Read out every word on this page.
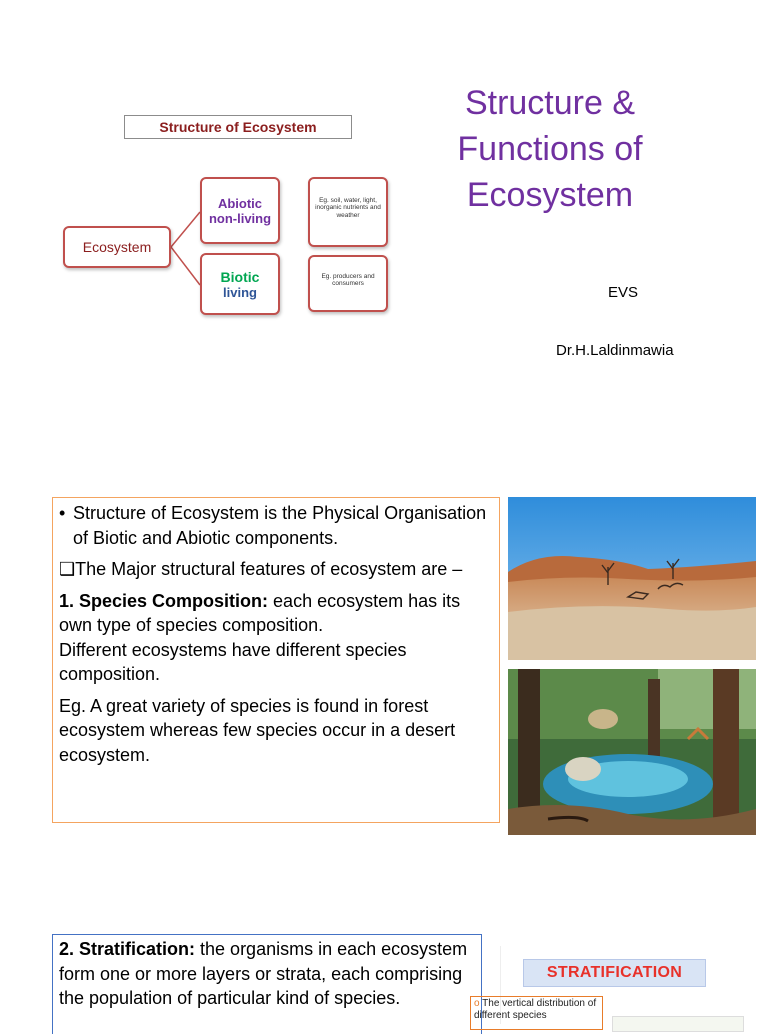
Structure of Ecosystem
Ecosystem
Abiotic
non-living
Biotic
living
Eg. soil, water, light, inorganic nutrients and weather
Eg. producers and consumers
Structure &
Functions of
Ecosystem
EVS
Dr.H.Laldinmawia

• Structure of Ecosystem is the Physical Organisation of Biotic and Abiotic components.

❑ The Major structural features of ecosystem are –

1. Species Composition: each ecosystem has its own type of species composition.

Different ecosystems have different species composition.

Eg. A great variety of species is found in forest ecosystem whereas few species occur in a desert ecosystem.

2. Stratification: the organisms in each ecosystem form one or more layers or strata, each comprising the population of particular kind of species.
STRATIFICATION
o The vertical distribution of different species
